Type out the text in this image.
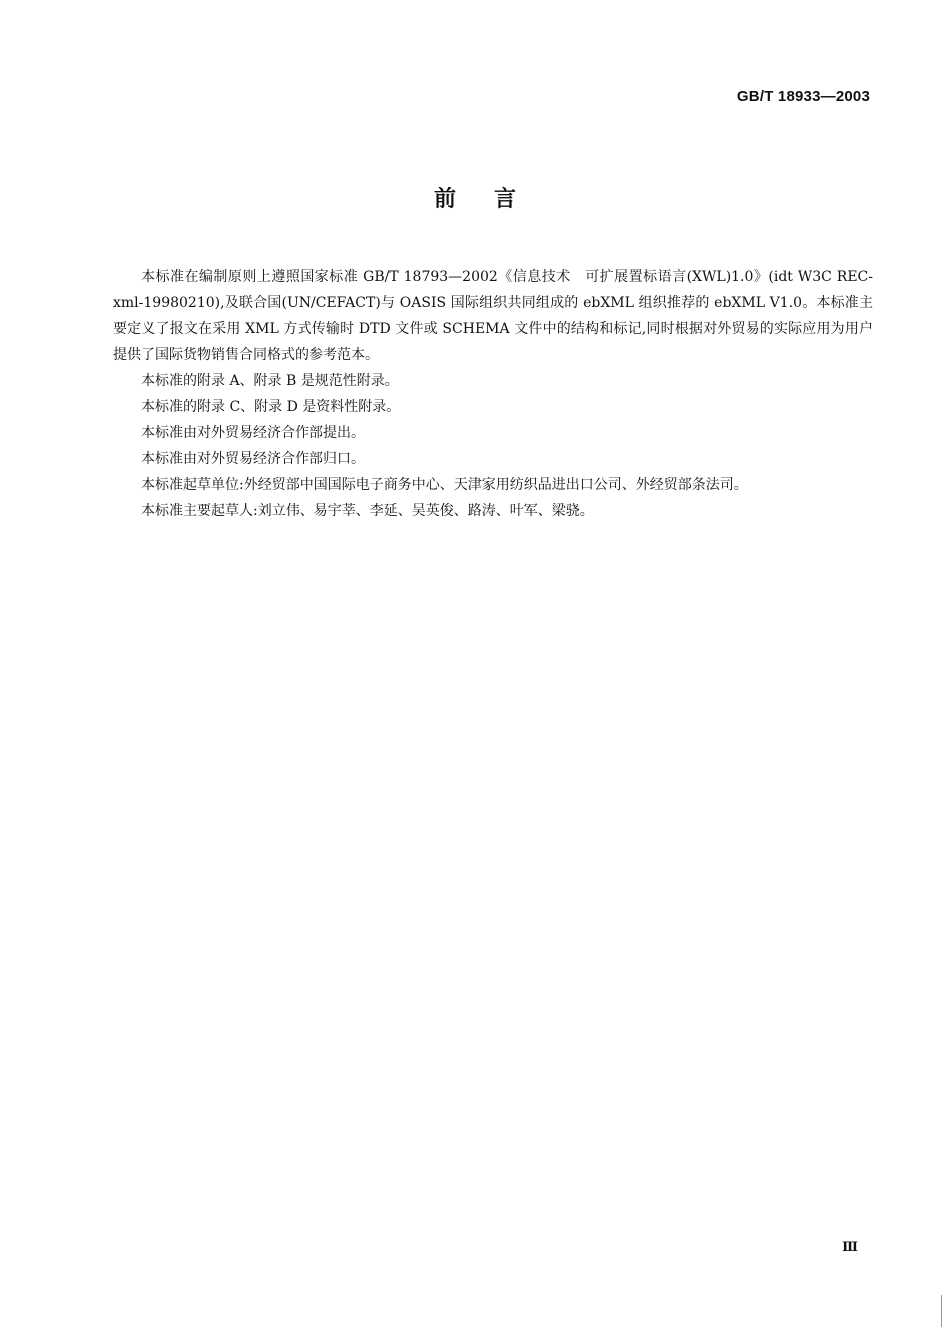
GB/T 18933—2003
前 言

本标准在编制原则上遵照国家标准 GB/T 18793—2002《信息技术　可扩展置标语言(XWL)1.0》(idt W3C REC-xml-19980210),及联合国(UN/CEFACT)与 OASIS 国际组织共同组成的 ebXML 组织推荐的 ebXML V1.0。本标准主要定义了报文在采用 XML 方式传输时 DTD 文件或 SCHEMA 文件中的结构和标记,同时根据对外贸易的实际应用为用户提供了国际货物销售合同格式的参考范本。

本标准的附录 A、附录 B 是规范性附录。

本标准的附录 C、附录 D 是资料性附录。

本标准由对外贸易经济合作部提出。

本标准由对外贸易经济合作部归口。

本标准起草单位:外经贸部中国国际电子商务中心、天津家用纺织品进出口公司、外经贸部条法司。

本标准主要起草人:刘立伟、易宇莘、李延、吴英俊、路涛、叶军、梁骁。

Ⅲ
